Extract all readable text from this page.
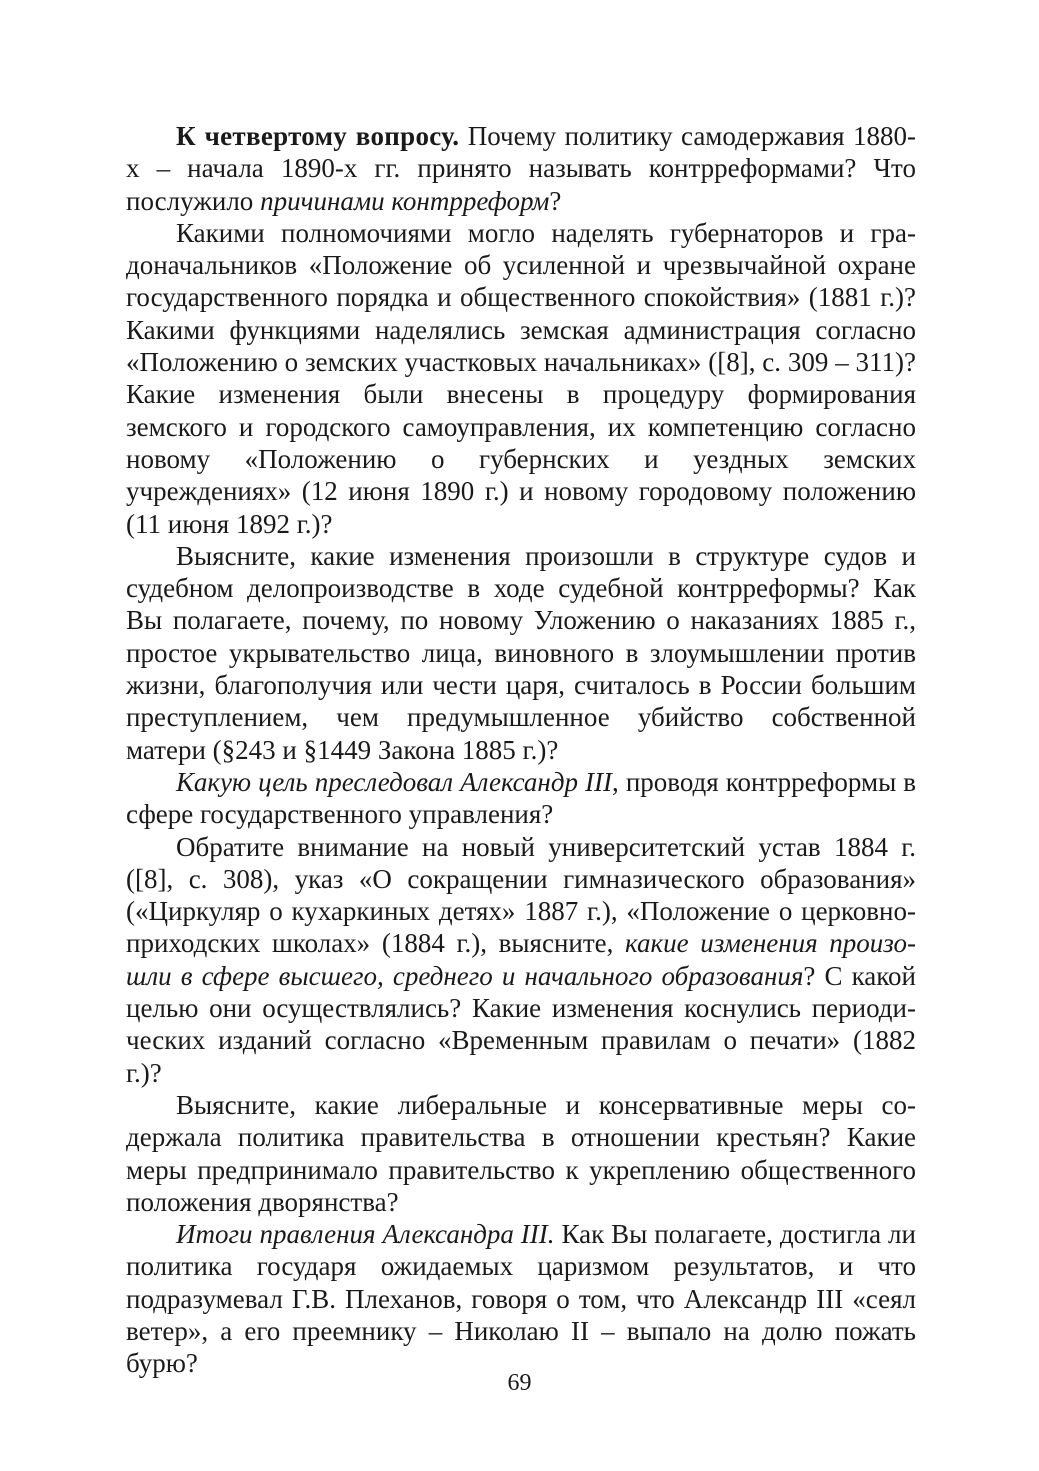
К четвертому вопросу. Почему политику самодержавия 1880-х – начала 1890-х гг. принято называть контрреформами? Что послужило причинами контрреформ?

Какими полномочиями могло наделять губернаторов и градоначальников «Положение об усиленной и чрезвычайной охране государственного порядка и общественного спокойствия» (1881 г.)? Какими функциями наделялись земская администрация согласно «Положению о земских участковых начальниках» ([8], с. 309 – 311)? Какие изменения были внесены в процедуру формирования земского и городского самоуправления, их компетенцию согласно новому «Положению о губернских и уездных земских учреждениях» (12 июня 1890 г.) и новому городовому положению (11 июня 1892 г.)?

Выясните, какие изменения произошли в структуре судов и судебном делопроизводстве в ходе судебной контрреформы? Как Вы полагаете, почему, по новому Уложению о наказаниях 1885 г., простое укрывательство лица, виновного в злоумышлении против жизни, благополучия или чести царя, считалось в России большим преступлением, чем предумышленное убийство собственной матери (§243 и §1449 Закона 1885 г.)?

Какую цель преследовал Александр III, проводя контрреформы в сфере государственного управления?

Обратите внимание на новый университетский устав 1884 г. ([8], с. 308), указ «О сокращении гимназического образования» («Циркуляр о кухаркиных детях» 1887 г.), «Положение о церковно-приходских школах» (1884 г.), выясните, какие изменения произошли в сфере высшего, среднего и начального образования? С какой целью они осуществлялись? Какие изменения коснулись периодических изданий согласно «Временным правилам о печати» (1882 г.)?

Выясните, какие либеральные и консервативные меры содержала политика правительства в отношении крестьян? Какие меры предпринимало правительство к укреплению общественного положения дворянства?

Итоги правления Александра III. Как Вы полагаете, достигла ли политика государя ожидаемых царизмом результатов, и что подразумевал Г.В. Плеханов, говоря о том, что Александр III «сеял ветер», а его преемнику – Николаю II – выпало на долю пожать бурю?

69
